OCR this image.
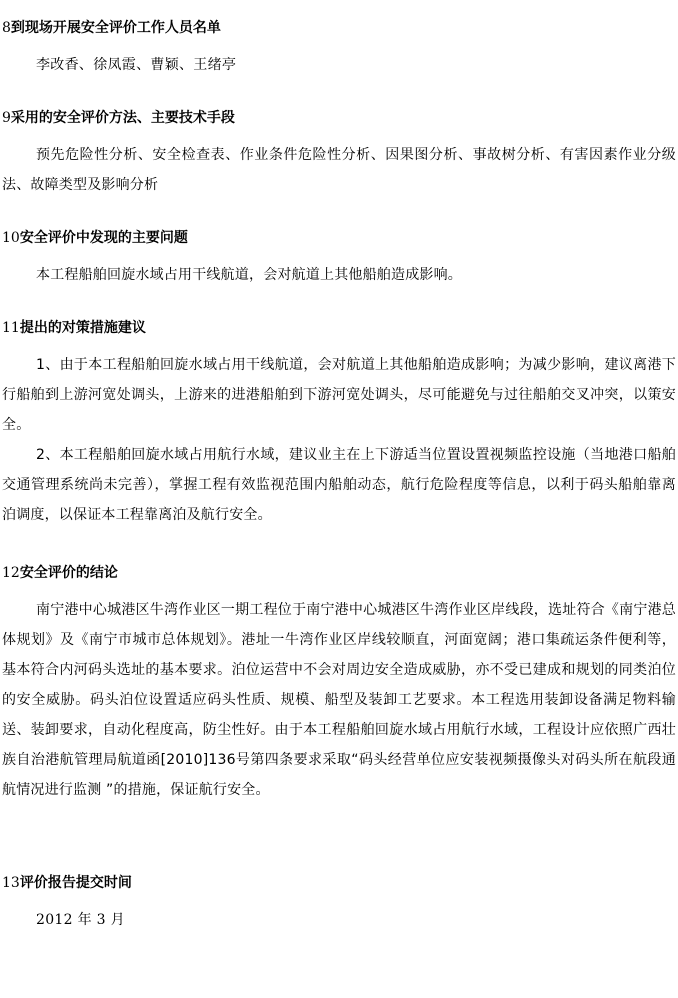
8到现场开展安全评价工作人员名单
李改香、徐凤霞、曹颖、王绪亭
9采用的安全评价方法、主要技术手段
预先危险性分析、安全检查表、作业条件危险性分析、因果图分析、事故树分析、有害因素作业分级法、故障类型及影响分析
10安全评价中发现的主要问题
本工程船舶回旋水域占用干线航道，会对航道上其他船舶造成影响。
11提出的对策措施建议
1、由于本工程船舶回旋水域占用干线航道，会对航道上其他船舶造成影响；为减少影响，建议离港下行船舶到上游河宽处调头，上游来的进港船舶到下游河宽处调头，尽可能避免与过往船舶交叉冲突，以策安全。
2、本工程船舶回旋水域占用航行水域，建议业主在上下游适当位置设置视频监控设施（当地港口船舶交通管理系统尚未完善），掌握工程有效监视范围内船舶动态，航行危险程度等信息，以利于码头船舶靠离泊调度，以保证本工程靠离泊及航行安全。
12安全评价的结论
南宁港中心城港区牛湾作业区一期工程位于南宁港中心城港区牛湾作业区岸线段，选址符合《南宁港总体规划》及《南宁市城市总体规划》。港址一牛湾作业区岸线较顺直，河面宽阔；港口集疏运条件便利等，基本符合内河码头选址的基本要求。泊位运营中不会对周边安全造成威胁，亦不受已建成和规划的同类泊位的安全威胁。码头泊位设置适应码头性质、规模、船型及装卸工艺要求。本工程选用装卸设备满足物料输送、装卸要求，自动化程度高，防尘性好。由于本工程船舶回旋水域占用航行水域，工程设计应依照广西壮族自治港航管理局航道函[2010]136号第四条要求采取“码头经营单位应安装视频摄像头对码头所在航段通航情况进行监测 ”的措施，保证航行安全。
13评价报告提交时间
2012 年 3 月
